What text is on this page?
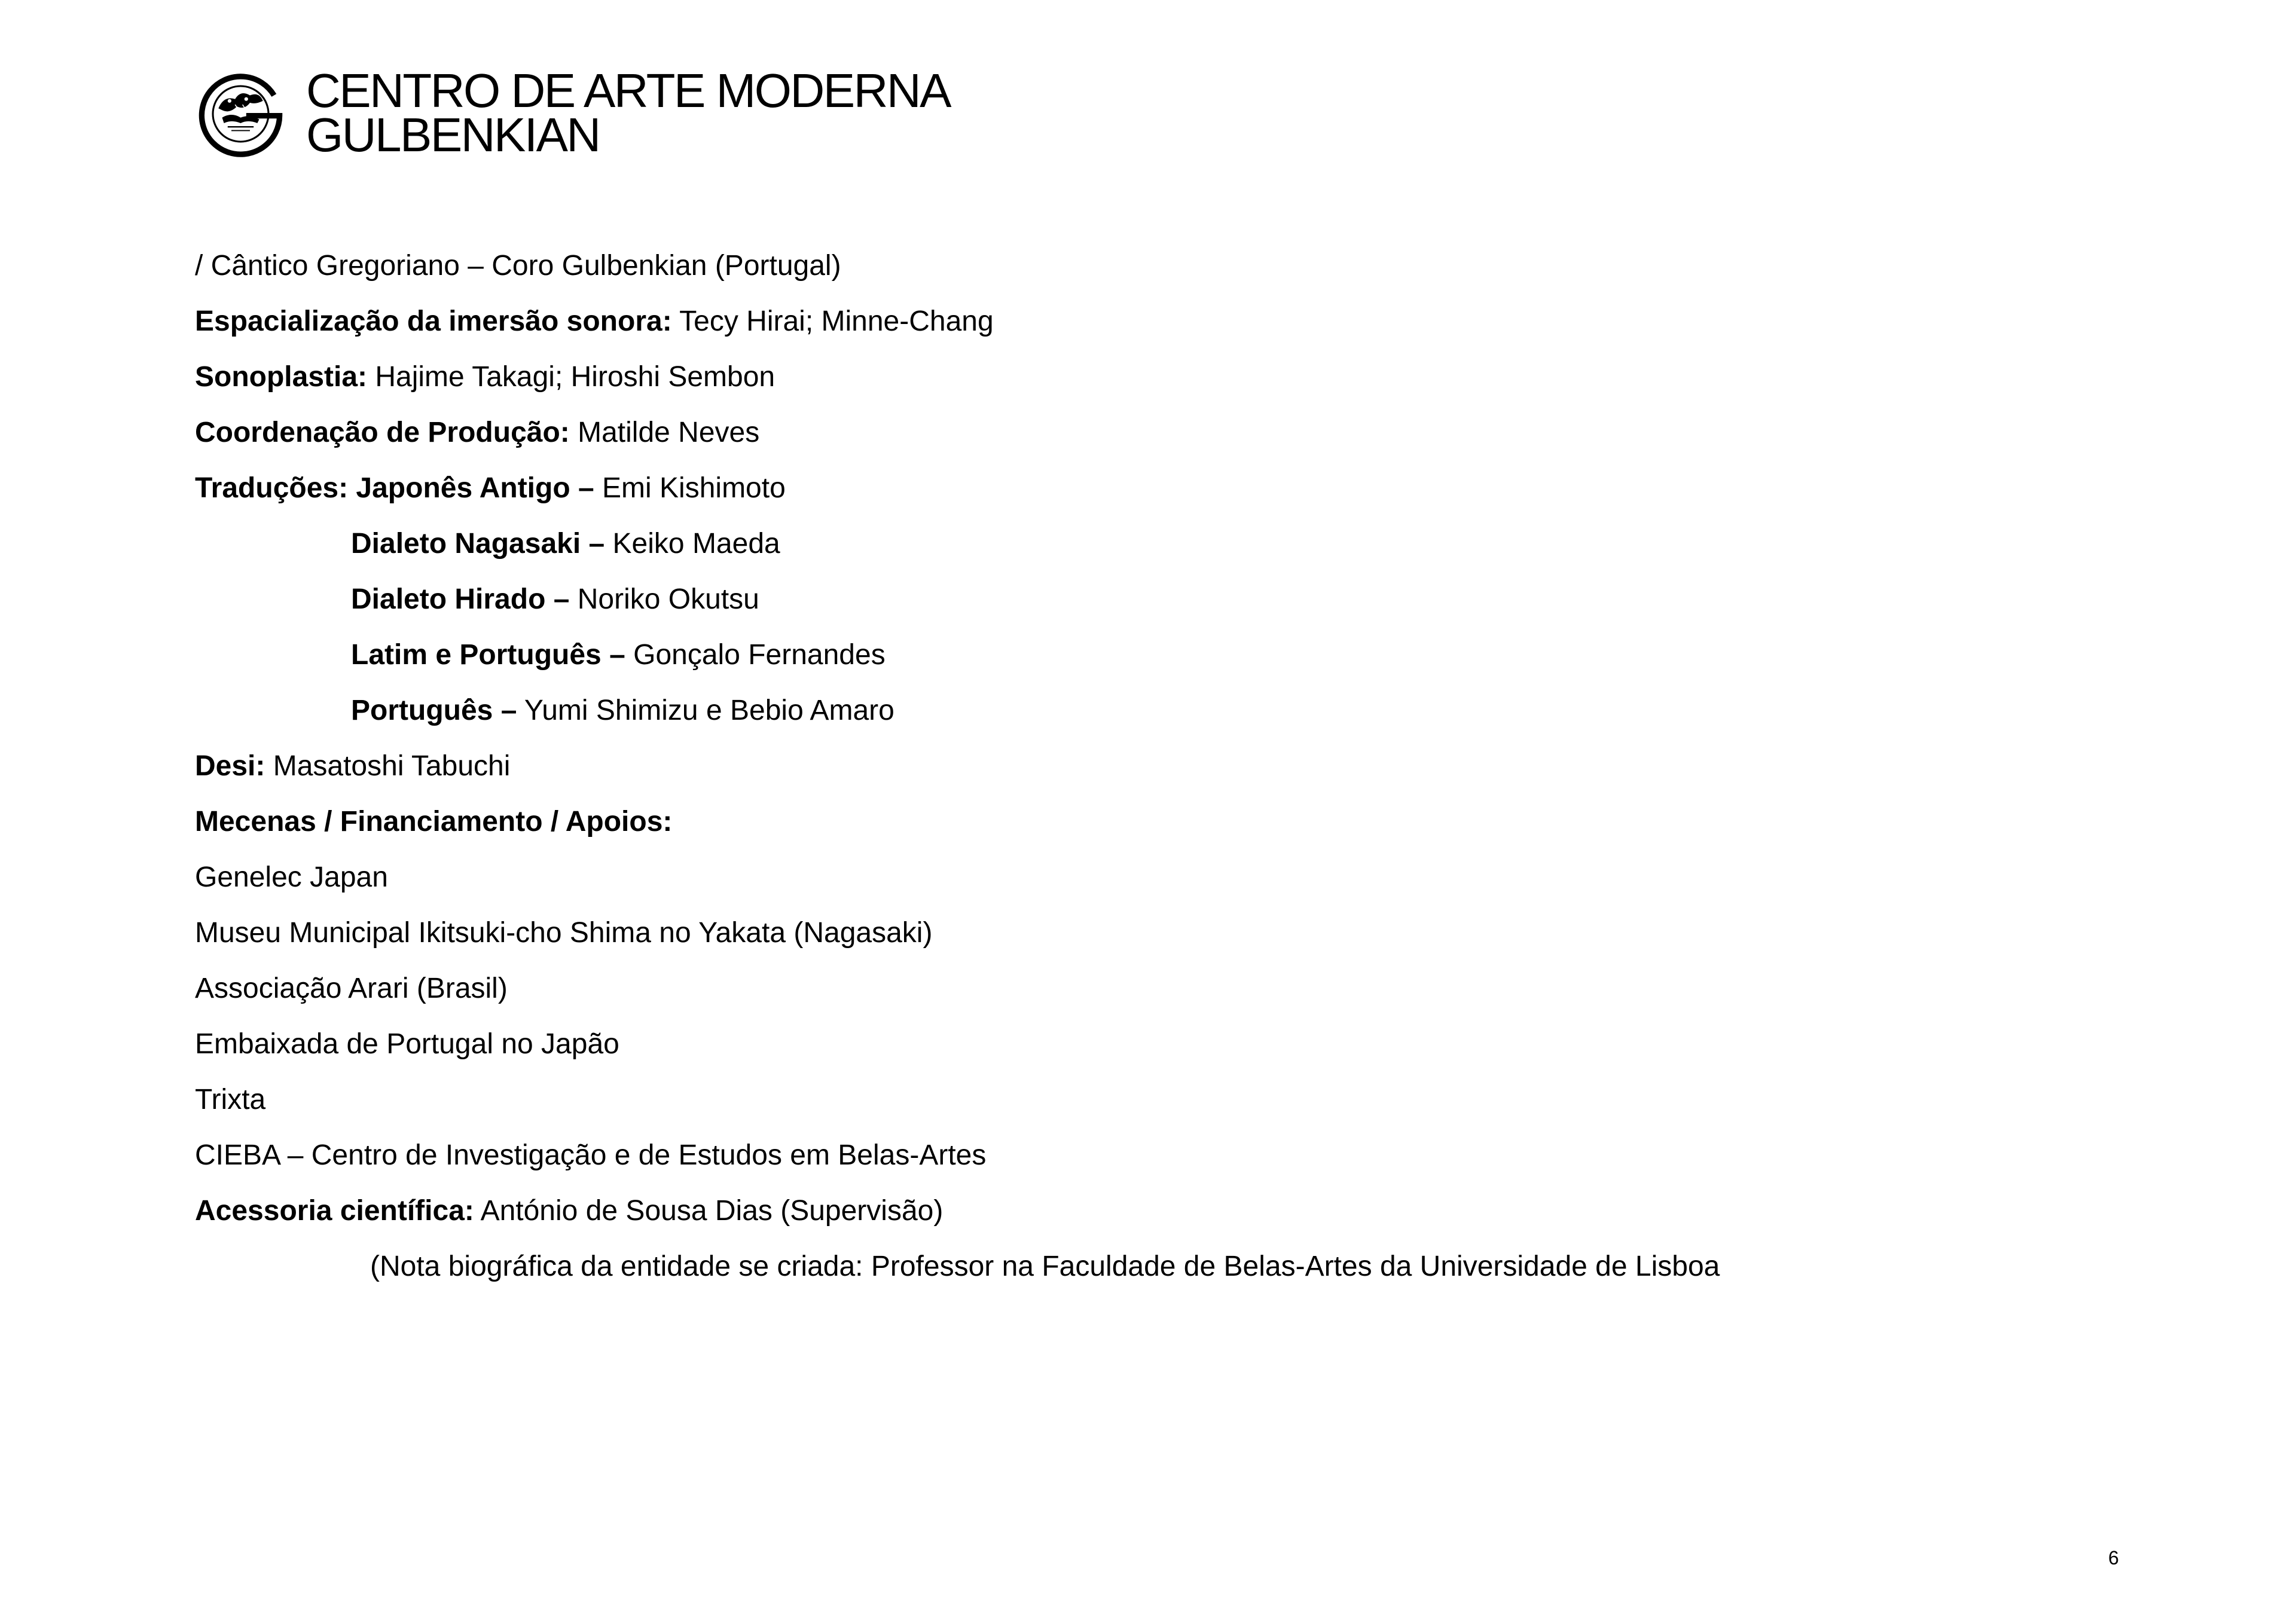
CENTRO DE ARTE MODERNA
GULBENKIAN
/ Cântico Gregoriano – Coro Gulbenkian (Portugal)
Espacialização da imersão sonora: Tecy Hirai; Minne-Chang
Sonoplastia: Hajime Takagi; Hiroshi Sembon
Coordenação de Produção: Matilde Neves
Traduções: Japonês Antigo – Emi Kishimoto
Dialeto Nagasaki – Keiko Maeda
Dialeto Hirado – Noriko Okutsu
Latim e Português – Gonçalo Fernandes
Português – Yumi Shimizu e Bebio Amaro
Desi: Masatoshi Tabuchi
Mecenas / Financiamento / Apoios:
Genelec Japan
Museu Municipal Ikitsuki-cho Shima no Yakata (Nagasaki)
Associação Arari (Brasil)
Embaixada de Portugal no Japão
Trixta
CIEBA – Centro de Investigação e de Estudos em Belas-Artes
Acessoria científica: António de Sousa Dias (Supervisão)
(Nota biográfica da entidade se criada: Professor na Faculdade de Belas-Artes da Universidade de Lisboa
6
